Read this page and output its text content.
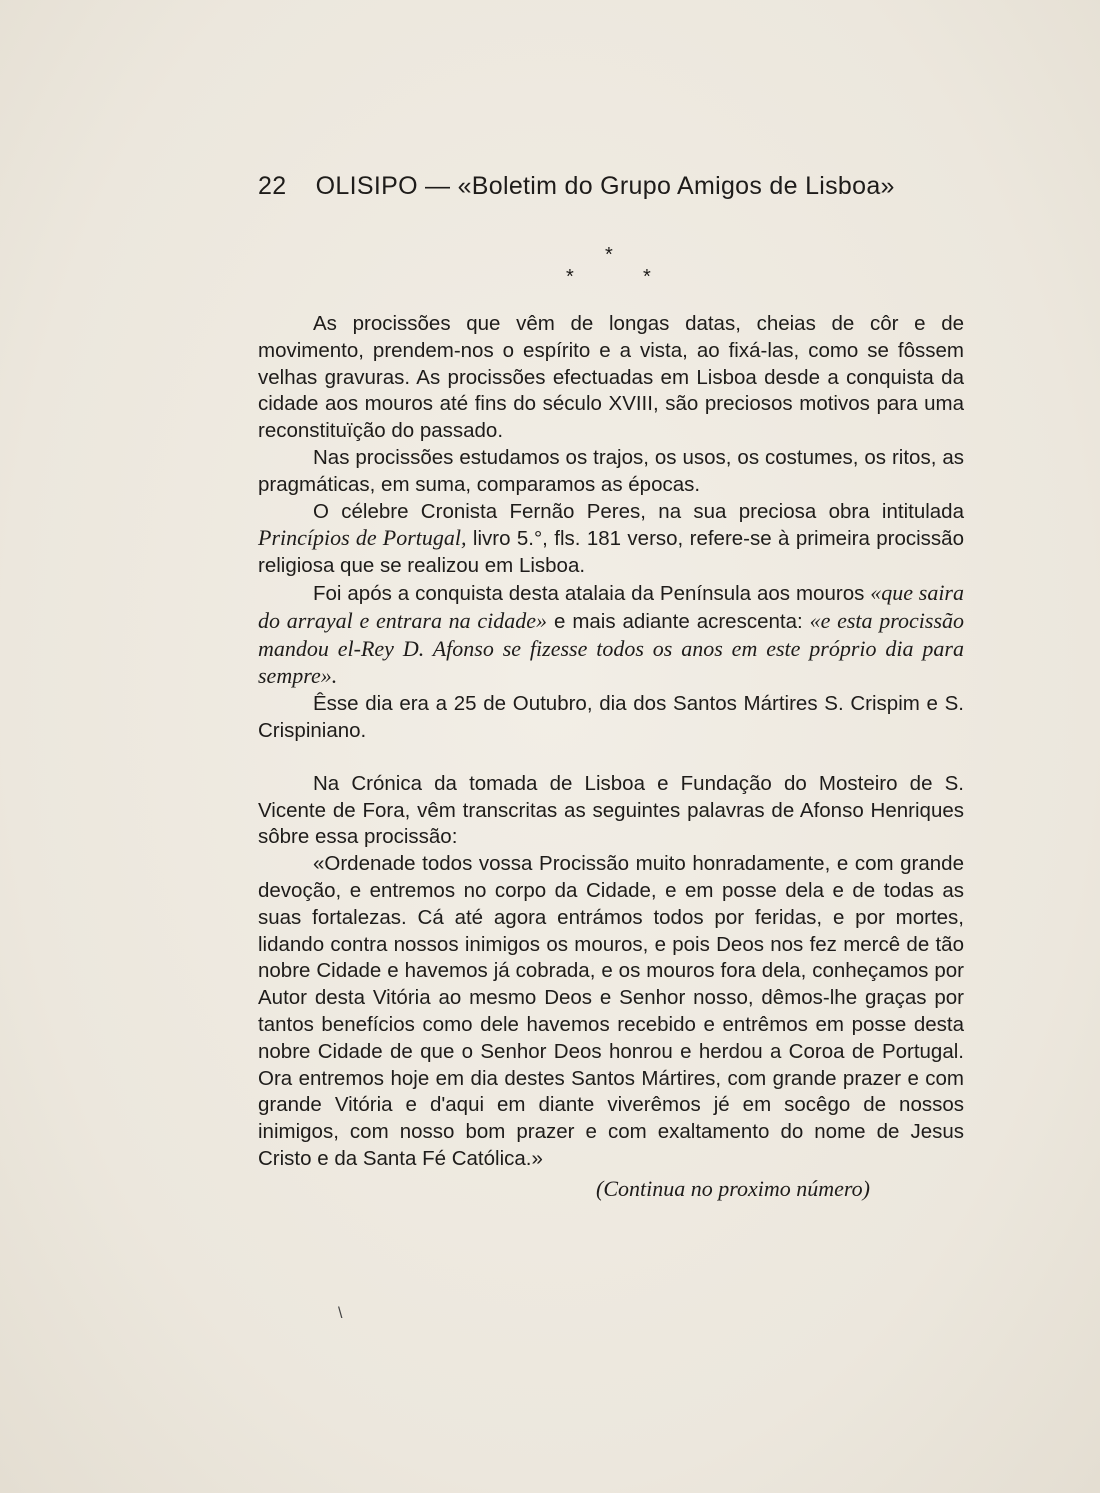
22 OLISIPO — «Boletim do Grupo Amigos de Lisboa»
*
*	*

As procissões que vêm de longas datas, cheias de côr e de movimento, prendem-nos o espírito e a vista, ao fixá-las, como se fôssem velhas gravuras. As procissões efectuadas em Lisboa desde a conquista da cidade aos mouros até fins do século XVIII, são preciosos motivos para uma reconstituïção do passado.

Nas procissões estudamos os trajos, os usos, os costumes, os ritos, as pragmáticas, em suma, comparamos as épocas.

O célebre Cronista Fernão Peres, na sua preciosa obra intitulada Princípios de Portugal, livro 5.°, fls. 181 verso, refere-se à primeira procissão religiosa que se realizou em Lisboa.

Foi após a conquista desta atalaia da Península aos mouros «que saira do arrayal e entrara na cidade» e mais adiante acrescenta: «e esta procissão mandou el-Rey D. Afonso se fizesse todos os anos em este próprio dia para sempre».

Êsse dia era a 25 de Outubro, dia dos Santos Mártires S. Crispim e S. Crispiniano.

Na Crónica da tomada de Lisboa e Fundação do Mosteiro de S. Vicente de Fora, vêm transcritas as seguintes palavras de Afonso Henriques sôbre essa procissão:

«Ordenade todos vossa Procissão muito honradamente, e com grande devoção, e entremos no corpo da Cidade, e em posse dela e de todas as suas fortalezas. Cá até agora entrámos todos por feridas, e por mortes, lidando contra nossos inimigos os mouros, e pois Deos nos fez mercê de tão nobre Cidade e havemos já cobrada, e os mouros fora dela, conheçamos por Autor desta Vitória ao mesmo Deos e Senhor nosso, dêmos-lhe graças por tantos benefícios como dele havemos recebido e entrêmos em posse desta nobre Cidade de que o Senhor Deos honrou e herdou a Coroa de Portugal. Ora entremos hoje em dia destes Santos Mártires, com grande prazer e com grande Vitória e d'aqui em diante viverêmos jé em socêgo de nossos inimigos, com nosso bom prazer e com exaltamento do nome de Jesus Cristo e da Santa Fé Católica.»

(Continua no proximo número)
\
